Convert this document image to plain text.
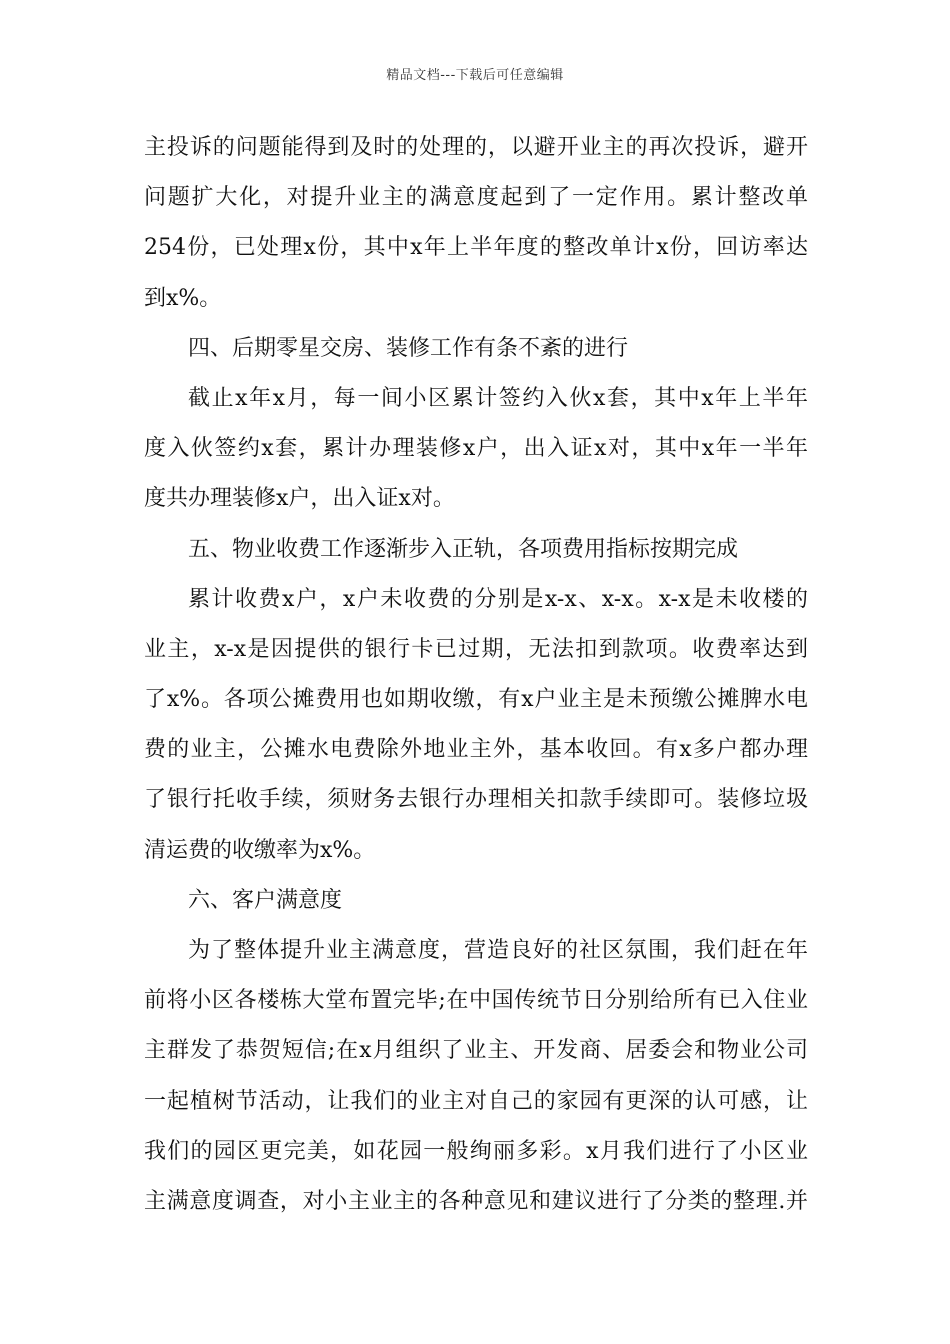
精品文档---下载后可任意编辑
主投诉的问题能得到及时的处理的，以避开业主的再次投诉，避开
问题扩大化，对提升业主的满意度起到了一定作用。累计整改单
254份，已处理x份，其中x年上半年度的整改单计x份，回访率达
到x%。
四、后期零星交房、装修工作有条不紊的进行
截止x年x月，每一间小区累计签约入伙x套，其中x年上半年
度入伙签约x套，累计办理装修x户，出入证x对，其中x年一半年
度共办理装修x户，出入证x对。
五、物业收费工作逐渐步入正轨，各项费用指标按期完成
累计收费x户，x户未收费的分别是x-x、x-x。x-x是未收楼的
业主，x-x是因提供的银行卡已过期，无法扣到款项。收费率达到
了x%。各项公摊费用也如期收缴，有x户业主是未预缴公摊脾水电
费的业主，公摊水电费除外地业主外，基本收回。有x多户都办理
了银行托收手续，须财务去银行办理相关扣款手续即可。装修垃圾
清运费的收缴率为x%。
六、客户满意度
为了整体提升业主满意度，营造良好的社区氛围，我们赶在年
前将小区各楼栋大堂布置完毕;在中国传统节日分别给所有已入住业
主群发了恭贺短信;在x月组织了业主、开发商、居委会和物业公司
一起植树节活动，让我们的业主对自己的家园有更深的认可感，让
我们的园区更完美，如花园一般绚丽多彩。x月我们进行了小区业
主满意度调查，对小主业主的各种意见和建议进行了分类的整理.并
